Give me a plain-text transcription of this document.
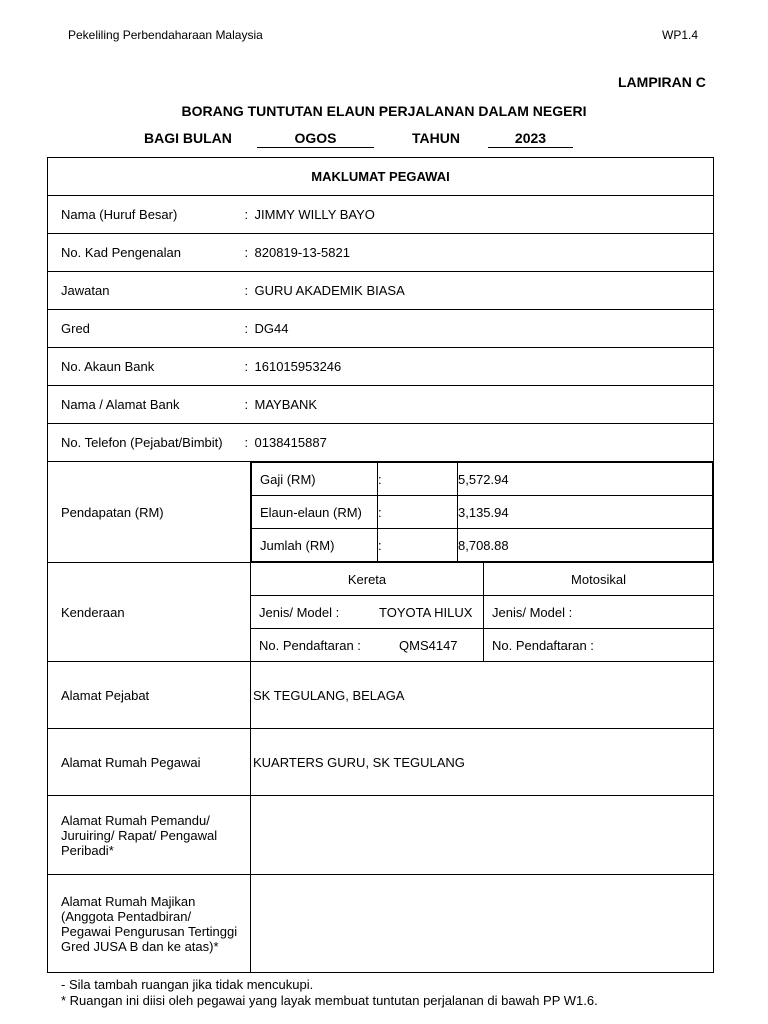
Pekeliling Perbendaharaan Malaysia	WP1.4
LAMPIRAN C
BORANG TUNTUTAN ELAUN PERJALANAN DALAM NEGERI
BAGI BULAN	OGOS	TAHUN	2023
MAKLUMAT PEGAWAI
Nama (Huruf Besar)	: JIMMY WILLY BAYO
No. Kad Pengenalan	: 820819-13-5821
Jawatan	: GURU AKADEMIK BIASA
Gred	: DG44
No. Akaun Bank	: 161015953246
Nama / Alamat Bank	: MAYBANK
No. Telefon (Pejabat/Bimbit)	: 0138415887
Pendapatan (RM)	
Gaji (RM)	:	5,572.94
Elaun-elaun (RM)	:	3,135.94
Jumlah (RM)	:	8,708.88

Kenderaan	Kereta	Motosikal
Jenis/ Model :	TOYOTA HILUX	Jenis/ Model :
No. Pendaftaran :	QMS4147	No. Pendaftaran :
Alamat Pejabat	SK TEGULANG, BELAGA
Alamat Rumah Pegawai	KUARTERS GURU, SK TEGULANG

Alamat Rumah Pemandu/
Juruiring/ Rapat/ Pengawal
Peribadi*

Alamat Rumah Majikan
(Anggota Pentadbiran/
Pegawai Pengurusan Tertinggi
Gred JUSA B dan ke atas)*

- Sila tambah ruangan jika tidak mencukupi.
* Ruangan ini diisi oleh pegawai yang layak membuat tuntutan perjalanan di bawah PP W1.6.
